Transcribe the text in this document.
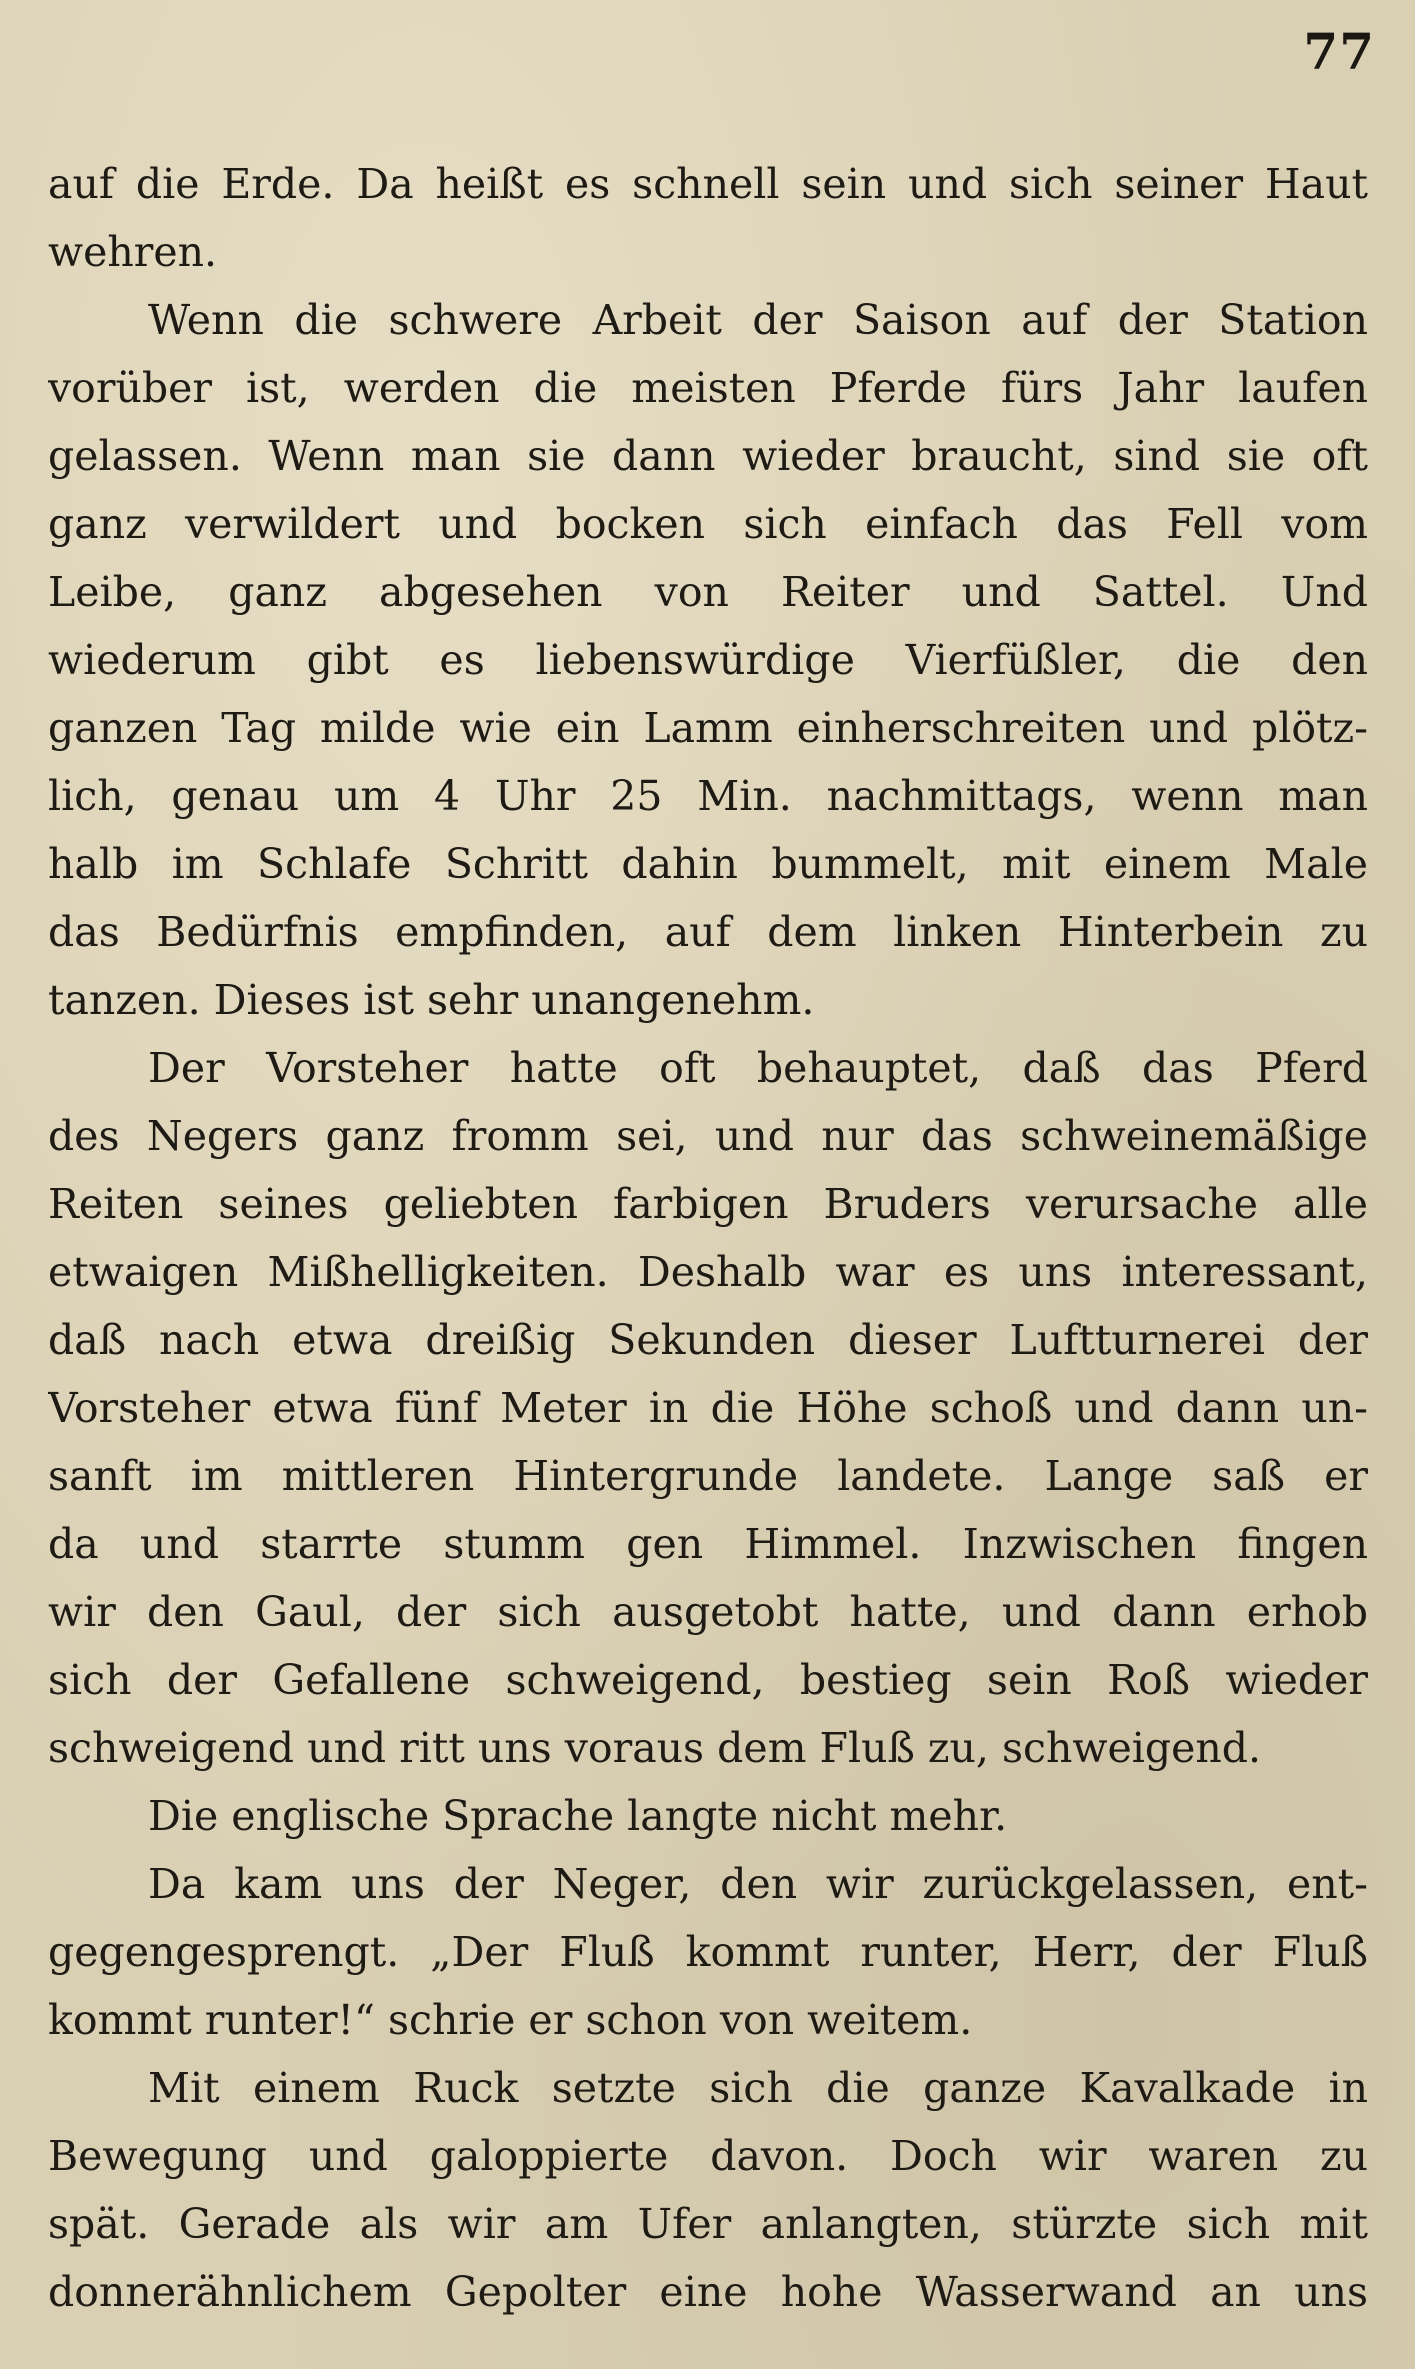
77
auf die Erde. Da heißt es schnell sein und sich seiner Haut
wehren.
Wenn die schwere Arbeit der Saison auf der Station
vorüber ist, werden die meisten Pferde fürs Jahr laufen
gelassen. Wenn man sie dann wieder braucht, sind sie oft
ganz verwildert und bocken sich einfach das Fell vom
Leibe, ganz abgesehen von Reiter und Sattel. Und
wiederum gibt es liebenswürdige Vierfüßler, die den
ganzen Tag milde wie ein Lamm einherschreiten und plötz-
lich, genau um 4 Uhr 25 Min. nachmittags, wenn man
halb im Schlafe Schritt dahin bummelt, mit einem Male
das Bedürfnis empfinden, auf dem linken Hinterbein zu
tanzen. Dieses ist sehr unangenehm.
Der Vorsteher hatte oft behauptet, daß das Pferd
des Negers ganz fromm sei, und nur das schweinemäßige
Reiten seines geliebten farbigen Bruders verursache alle
etwaigen Mißhelligkeiten. Deshalb war es uns interessant,
daß nach etwa dreißig Sekunden dieser Luftturnerei der
Vorsteher etwa fünf Meter in die Höhe schoß und dann un-
sanft im mittleren Hintergrunde landete. Lange saß er
da und starrte stumm gen Himmel. Inzwischen fingen
wir den Gaul, der sich ausgetobt hatte, und dann erhob
sich der Gefallene schweigend, bestieg sein Roß wieder
schweigend und ritt uns voraus dem Fluß zu, schweigend.
Die englische Sprache langte nicht mehr.
Da kam uns der Neger, den wir zurückgelassen, ent-
gegengesprengt. „Der Fluß kommt runter, Herr, der Fluß
kommt runter!“ schrie er schon von weitem.
Mit einem Ruck setzte sich die ganze Kavalkade in
Bewegung und galoppierte davon. Doch wir waren zu
spät. Gerade als wir am Ufer anlangten, stürzte sich mit
donnerähnlichem Gepolter eine hohe Wasserwand an uns
